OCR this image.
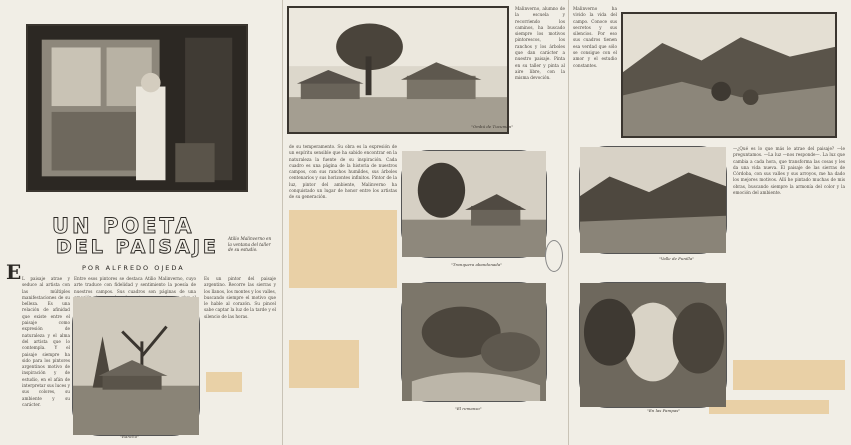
UN POETA
DEL PAISAJE
POR ALFREDO OJEDA
Atilio Malinverno en la ventana del taller de su estudio.
E L paisaje atrae y seduce al artista con las múltiples manifestaciones de su belleza. Es una relación de afinidad que existe entre el paisaje como expresión de naturaleza y el alma del artista que lo contempla. Y el paisaje siempre ha sido para los pintores argentinos motivo de inspiración y de estudio, en el afán de interpretar sus luces y sus colores, su ambiente y su carácter.

Entre esos pintores se destaca Atilio Malinverno, cuyo arte traduce con fidelidad y sentimiento la poesía de nuestros campos. Sus cuadros son páginas de una

Es un pintor del paisaje argentino. Recorre las sierras y los llanos, los montes y los valles, buscando siempre el motivo que le hable al corazón. Su pincel sabe captar la luz de la tarde y el silencio de las horas.

"Rancho"
"Ombú de Tucumán"

Malinverno, alumno de la escuela y recorriendo los caminos, ha buscado siempre los motivos pintorescos, los ranchos y los árboles que dan carácter a nuestro paisaje. Pinta en su taller y pinta al aire libre, con la misma devoción.

de su temperamento. Su obra es la expresión de un espíritu sensible que ha sabido encontrar en la naturaleza la fuente de su inspiración. Cada cuadro es una página de la historia de nuestros campos, con sus ranchos humildes, sus árboles centenarios y sus horizontes infinitos. Pintor de la luz, pintor del ambiente, Malinverno ha conquistado un lugar de honor entre los artistas de su generación.

"Tranquera abandonada"
"El remanso"

Malinverno ha vivido la vida del campo. Conoce sus secretos y sus silencios. Por eso sus cuadros tienen esa verdad que sólo se consigue con el amor y el estudio constantes.

"Valle de Punilla"

—¿Qué es lo que más le atrae del paisaje? —le preguntamos. —La luz —nos responde—. La luz que cambia a cada hora, que transforma las cosas y les da una vida nueva. El paisaje de las sierras de Córdoba, con sus valles y sus arroyos, me ha dado los mejores motivos. Allí he pintado muchas de mis obras, buscando siempre la armonía del color y la emoción del ambiente.

"En las Pampas"
